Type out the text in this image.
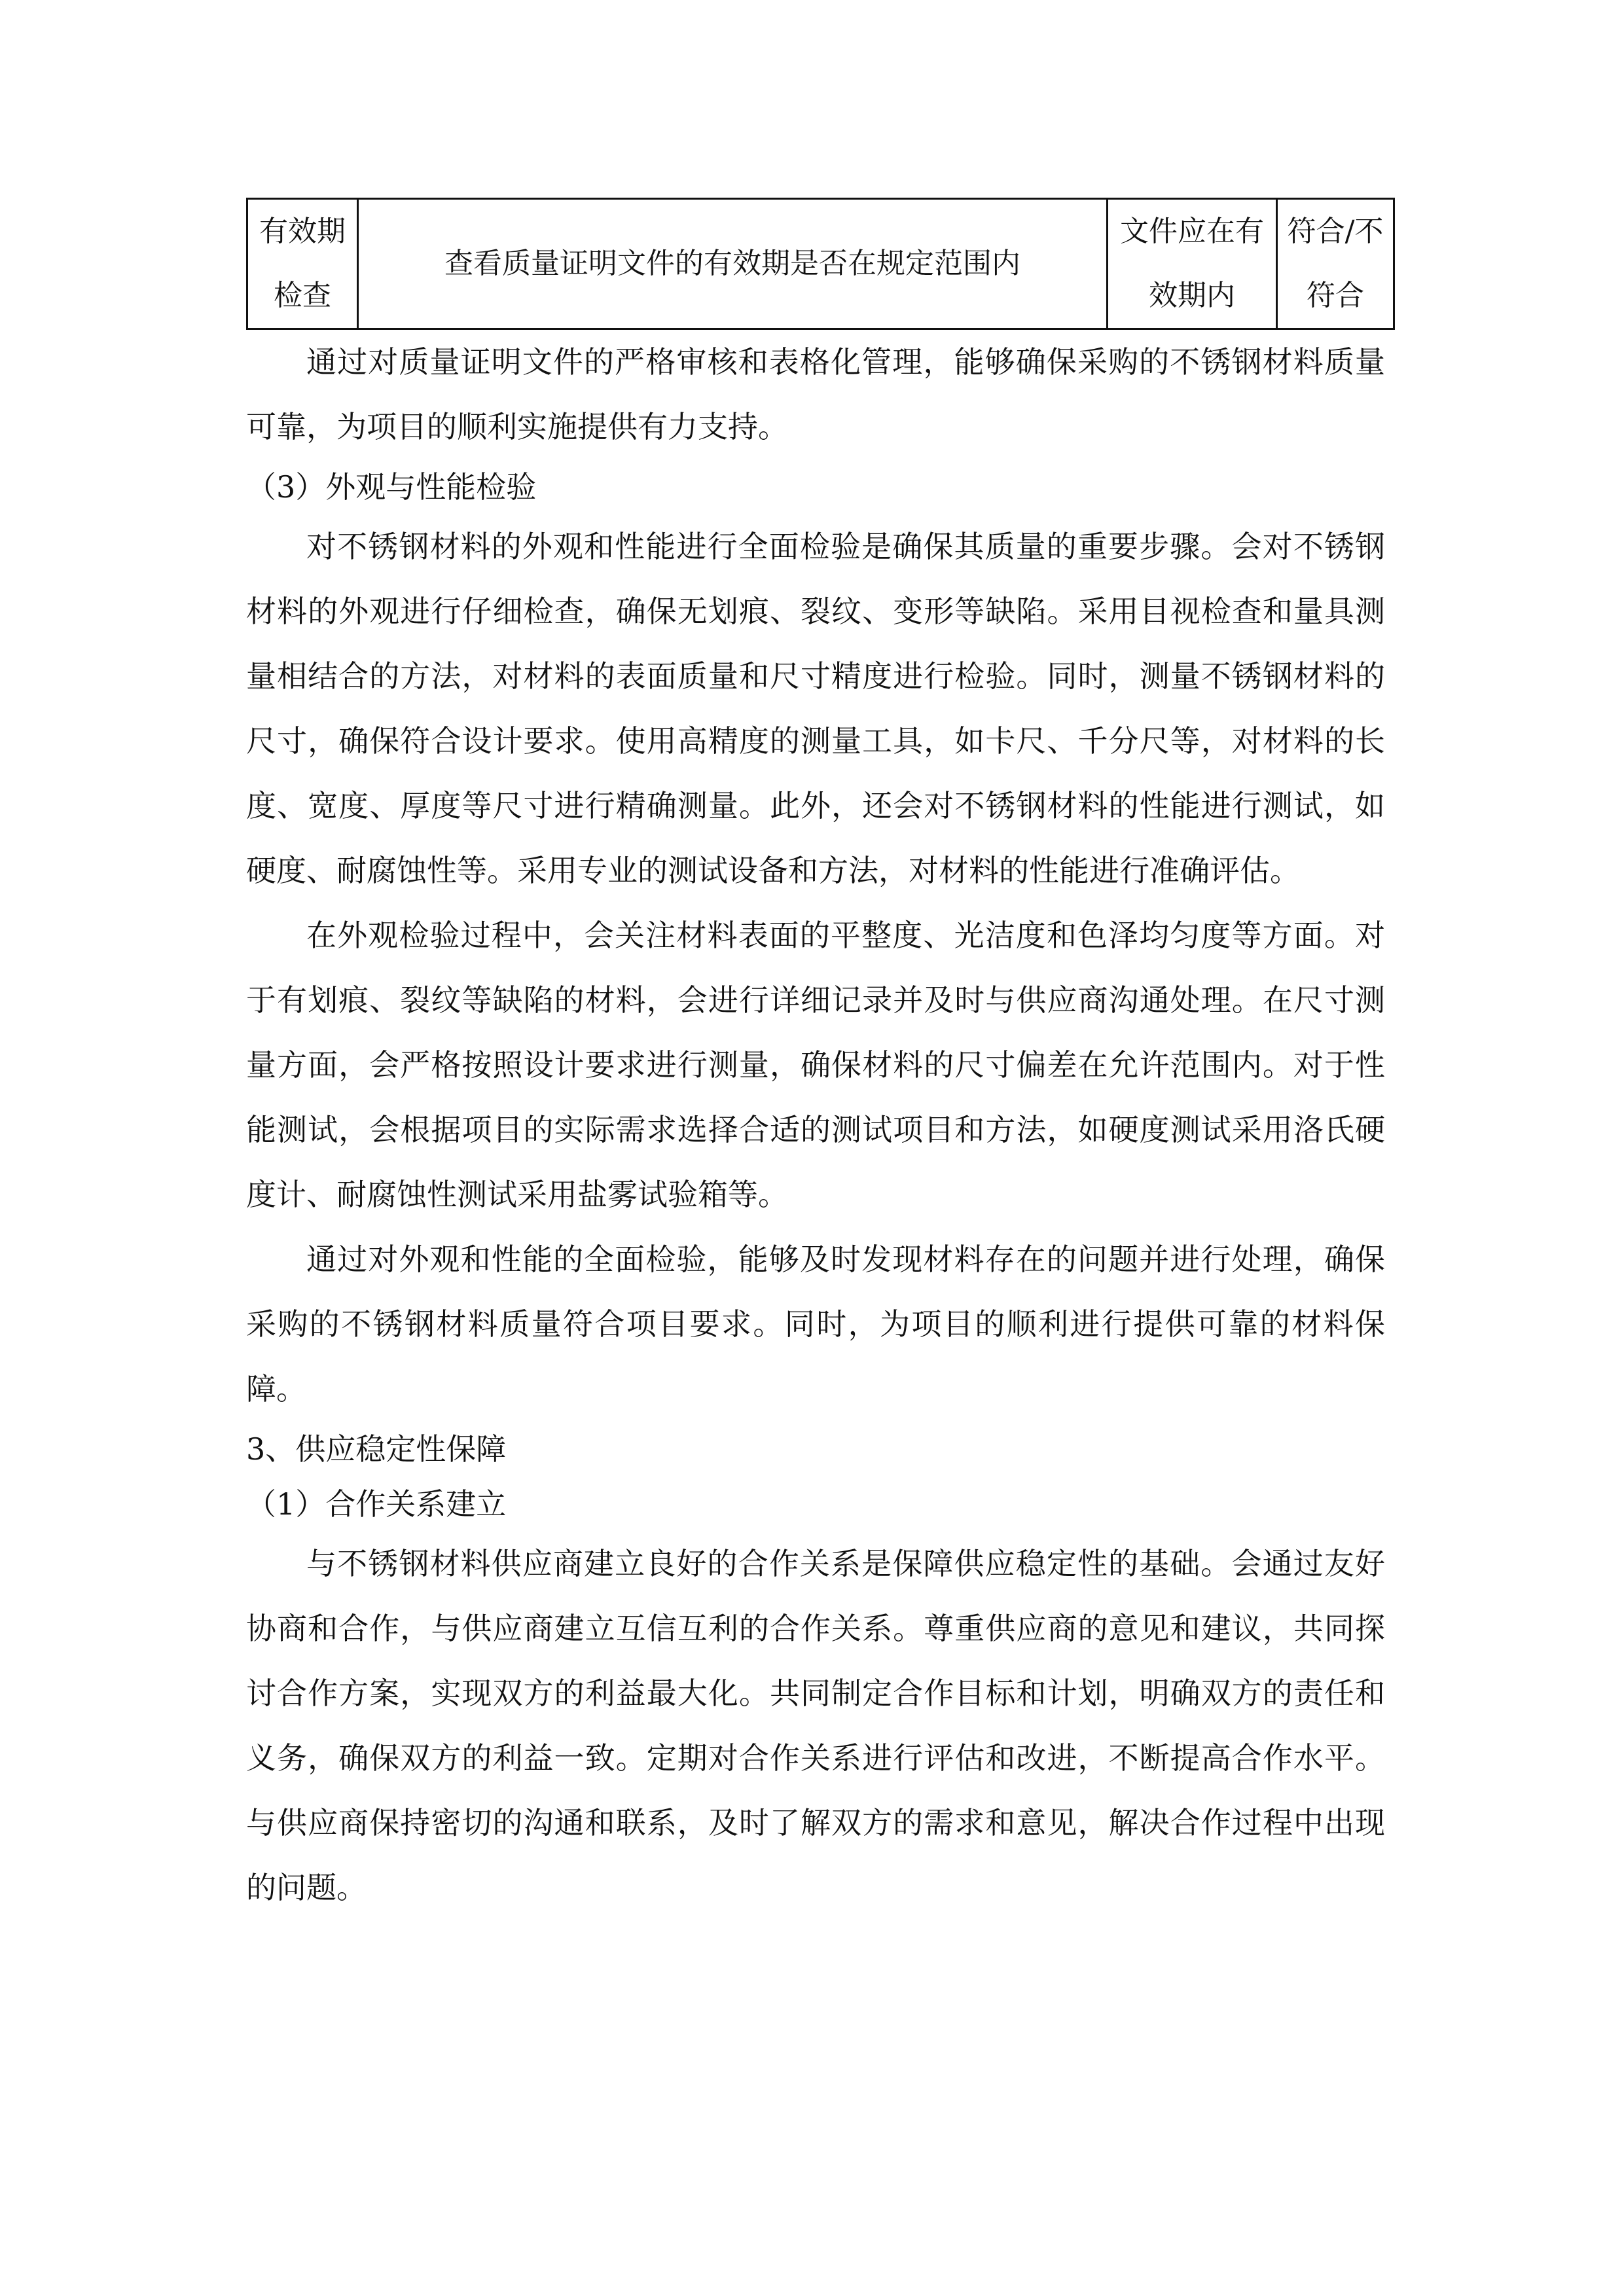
有效期检查	查看质量证明文件的有效期是否在规定范围内	文件应在有效期内	符合/不符合

通过对质量证明文件的严格审核和表格化管理，能够确保采购的不锈钢材料质量可靠，为项目的顺利实施提供有力支持。

（3）外观与性能检验

对不锈钢材料的外观和性能进行全面检验是确保其质量的重要步骤。会对不锈钢材料的外观进行仔细检查，确保无划痕、裂纹、变形等缺陷。采用目视检查和量具测量相结合的方法，对材料的表面质量和尺寸精度进行检验。同时，测量不锈钢材料的尺寸，确保符合设计要求。使用高精度的测量工具，如卡尺、千分尺等，对材料的长度、宽度、厚度等尺寸进行精确测量。此外，还会对不锈钢材料的性能进行测试，如硬度、耐腐蚀性等。采用专业的测试设备和方法，对材料的性能进行准确评估。

在外观检验过程中，会关注材料表面的平整度、光洁度和色泽均匀度等方面。对于有划痕、裂纹等缺陷的材料，会进行详细记录并及时与供应商沟通处理。在尺寸测量方面，会严格按照设计要求进行测量，确保材料的尺寸偏差在允许范围内。对于性能测试，会根据项目的实际需求选择合适的测试项目和方法，如硬度测试采用洛氏硬度计、耐腐蚀性测试采用盐雾试验箱等。

通过对外观和性能的全面检验，能够及时发现材料存在的问题并进行处理，确保采购的不锈钢材料质量符合项目要求。同时，为项目的顺利进行提供可靠的材料保障。

3、供应稳定性保障

（1）合作关系建立

与不锈钢材料供应商建立良好的合作关系是保障供应稳定性的基础。会通过友好协商和合作，与供应商建立互信互利的合作关系。尊重供应商的意见和建议，共同探讨合作方案，实现双方的利益最大化。共同制定合作目标和计划，明确双方的责任和义务，确保双方的利益一致。定期对合作关系进行评估和改进，不断提高合作水平。与供应商保持密切的沟通和联系，及时了解双方的需求和意见，解决合作过程中出现的问题。
